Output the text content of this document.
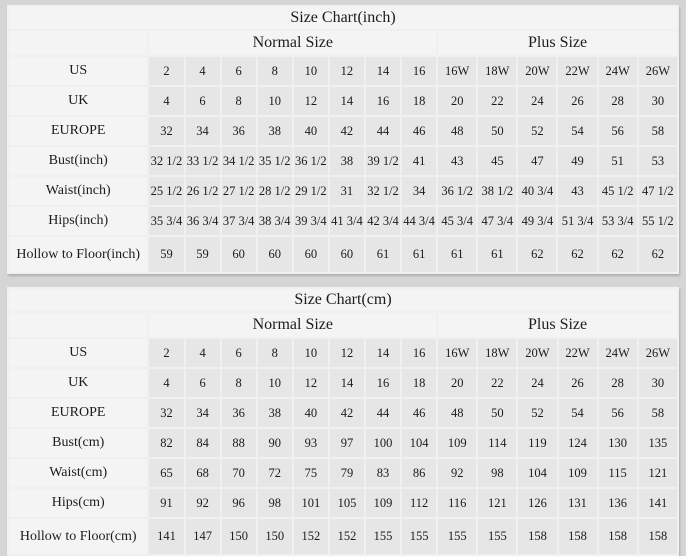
Size Chart(inch)														
	Normal Size								Plus Size					
US	2	4	6	8	10	12	14	16	16W	18W	20W	22W	24W	26W
UK	4	6	8	10	12	14	16	18	20	22	24	26	28	30
EUROPE	32	34	36	38	40	42	44	46	48	50	52	54	56	58
Bust(inch)	32 1/2	33 1/2	34 1/2	35 1/2	36 1/2	38	39 1/2	41	43	45	47	49	51	53
Waist(inch)	25 1/2	26 1/2	27 1/2	28 1/2	29 1/2	31	32 1/2	34	36 1/2	38 1/2	40 3/4	43	45 1/2	47 1/2
Hips(inch)	35 3/4	36 3/4	37 3/4	38 3/4	39 3/4	41 3/4	42 3/4	44 3/4	45 3/4	47 3/4	49 3/4	51 3/4	53 3/4	55 1/2
Hollow to Floor(inch)	59	59	60	60	60	60	61	61	61	61	62	62	62	62
Size Chart(cm)														
	Normal Size								Plus Size					
US	2	4	6	8	10	12	14	16	16W	18W	20W	22W	24W	26W
UK	4	6	8	10	12	14	16	18	20	22	24	26	28	30
EUROPE	32	34	36	38	40	42	44	46	48	50	52	54	56	58
Bust(cm)	82	84	88	90	93	97	100	104	109	114	119	124	130	135
Waist(cm)	65	68	70	72	75	79	83	86	92	98	104	109	115	121
Hips(cm)	91	92	96	98	101	105	109	112	116	121	126	131	136	141
Hollow to Floor(cm)	141	147	150	150	152	152	155	155	155	155	158	158	158	158
